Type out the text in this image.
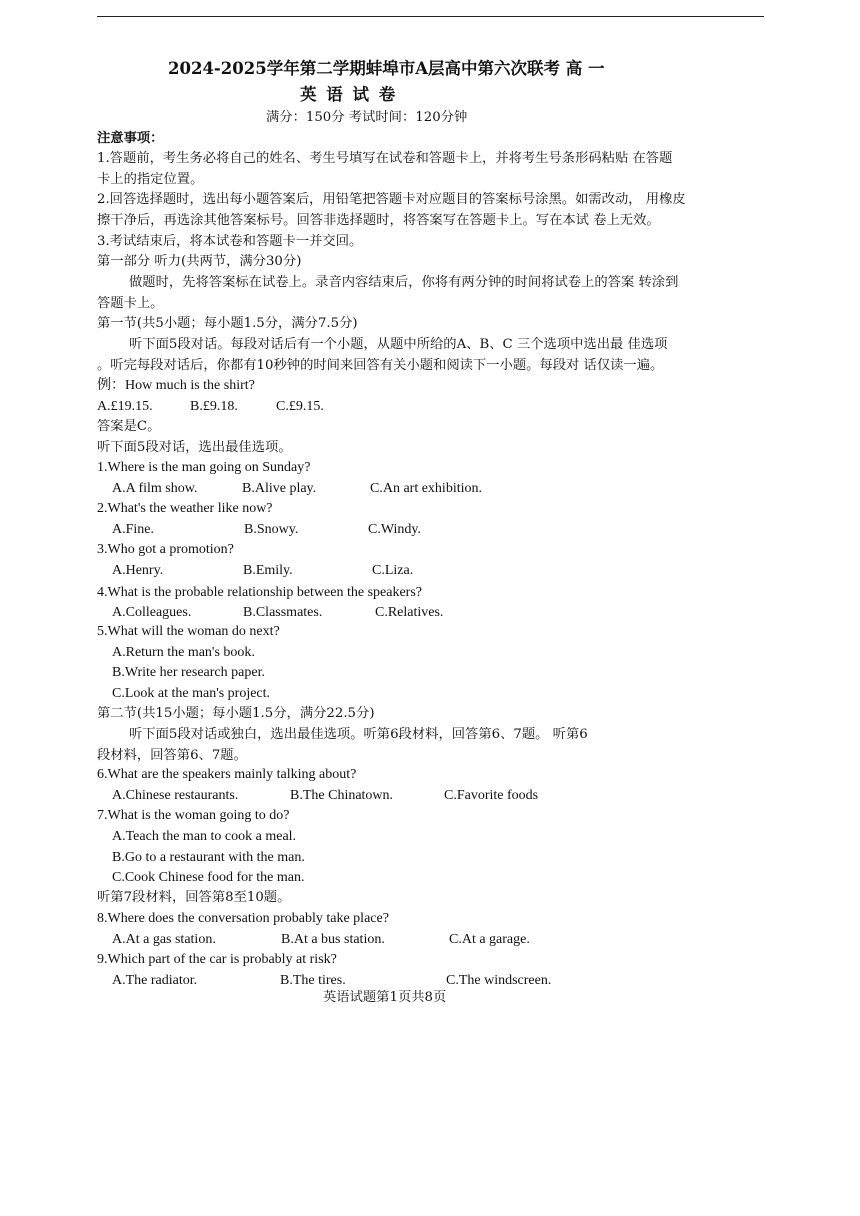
2024-2025学年第二学期蚌埠市A层高中第六次联考 高 一
英 语 试 卷
满分：150分 考试时间：120分钟
注意事项：
1.答题前，考生务必将自己的姓名、考生号填写在试卷和答题卡上，并将考生号条形码粘贴 在答题
卡上的指定位置。
2.回答选择题时，选出每小题答案后，用铅笔把答题卡对应题目的答案标号涂黑。如需改动， 用橡皮
擦干净后，再选涂其他答案标号。回答非选择题时，将答案写在答题卡上。写在本试 卷上无效。
3.考试结束后，将本试卷和答题卡一并交回。
第一部分 听力(共两节，满分30分)
做题时，先将答案标在试卷上。录音内容结束后，你将有两分钟的时间将试卷上的答案 转涂到
答题卡上。
第一节(共5小题；每小题1.5分，满分7.5分)
听下面5段对话。每段对话后有一个小题，从题中所给的A、B、C 三个选项中选出最 佳选项
。听完每段对话后，你都有10秒钟的时间来回答有关小题和阅读下一小题。每段对 话仅读一遍。
例：How much is the shirt?
A.£19.15.	B.£9.18.	C.£9.15.
答案是C。
听下面5段对话，选出最佳选项。
1.Where is the man going on Sunday?
A.A film show.	B.Alive play.	C.An art exhibition.
2.What's the weather like now?
A.Fine.	B.Snowy.	C.Windy.
3.Who got a promotion?
A.Henry.	B.Emily.	C.Liza.
4.What is the probable relationship between the speakers?
A.Colleagues.	B.Classmates.	C.Relatives.
5.What will the woman do next?
A.Return the man's book.
B.Write her research paper.
C.Look at the man's project.
第二节(共15小题；每小题1.5分，满分22.5分)
听下面5段对话或独白，选出最佳选项。听第6段材料，回答第6、7题。 听第6
段材料，回答第6、7题。
6.What are the speakers mainly talking about?
A.Chinese restaurants.	B.The Chinatown.	C.Favorite foods
7.What is the woman going to do?
A.Teach the man to cook a meal.
B.Go to a restaurant with the man.
C.Cook Chinese food for the man.
听第7段材料，回答第8至10题。
8.Where does the conversation probably take place?
A.At a gas station.	B.At a bus station.	C.At a garage.
9.Which part of the car is probably at risk?
A.The radiator.	B.The tires.	C.The windscreen.
英语试题第1页共8页
